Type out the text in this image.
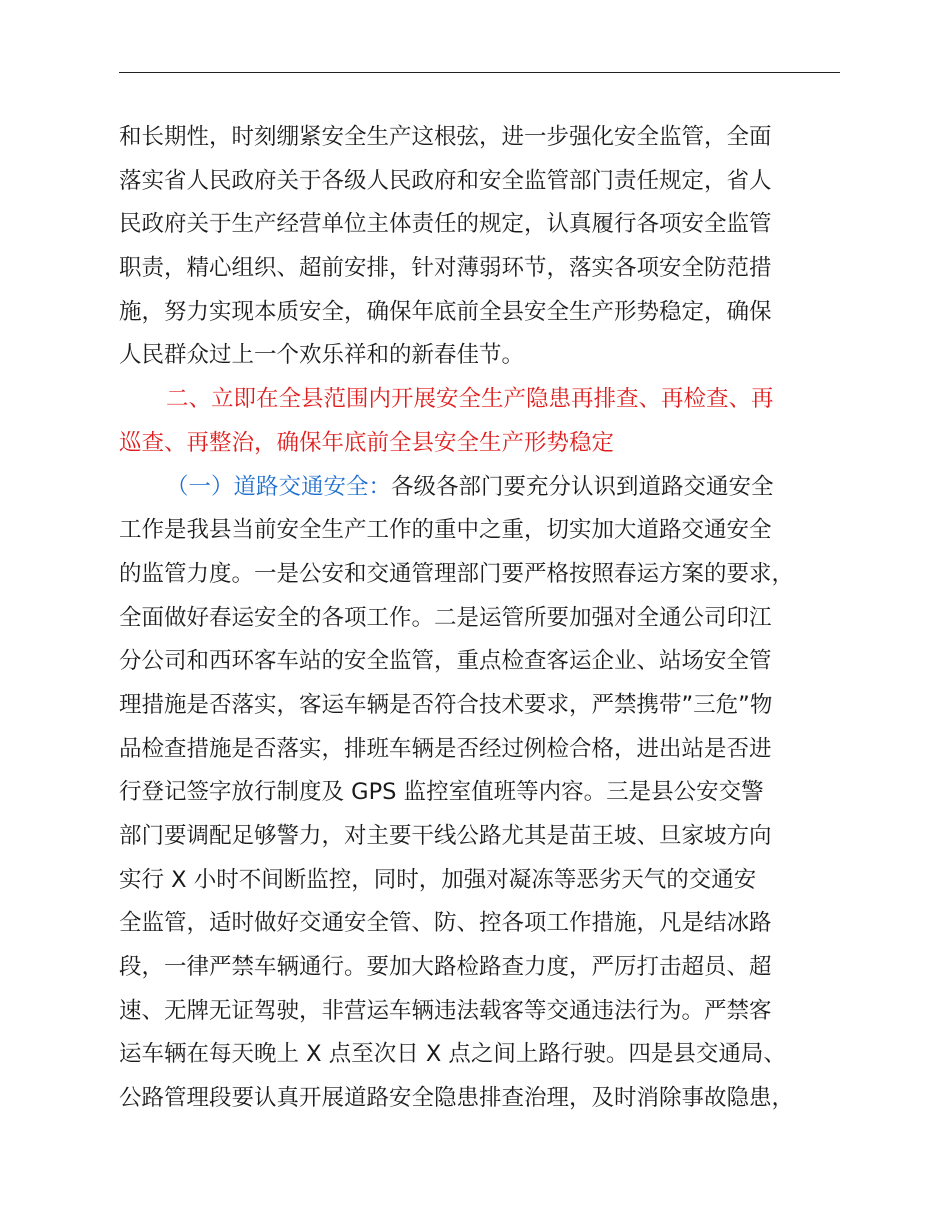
和长期性，时刻绷紧安全生产这根弦，进一步强化安全监管，全面
落实省人民政府关于各级人民政府和安全监管部门责任规定，省人
民政府关于生产经营单位主体责任的规定，认真履行各项安全监管
职责，精心组织、超前安排，针对薄弱环节，落实各项安全防范措
施，努力实现本质安全，确保年底前全县安全生产形势稳定，确保
人民群众过上一个欢乐祥和的新春佳节。
二、立即在全县范围内开展安全生产隐患再排查、再检查、再
巡查、再整治，确保年底前全县安全生产形势稳定
（一）道路交通安全：各级各部门要充分认识到道路交通安全
工作是我县当前安全生产工作的重中之重，切实加大道路交通安全
的监管力度。一是公安和交通管理部门要严格按照春运方案的要求，
全面做好春运安全的各项工作。二是运管所要加强对全通公司印江
分公司和西环客车站的安全监管，重点检查客运企业、站场安全管
理措施是否落实，客运车辆是否符合技术要求，严禁携带”三危”物
品检查措施是否落实，排班车辆是否经过例检合格，进出站是否进
行登记签字放行制度及 GPS 监控室值班等内容。三是县公安交警
部门要调配足够警力，对主要干线公路尤其是苗王坡、旦家坡方向
实行 X 小时不间断监控，同时，加强对凝冻等恶劣天气的交通安
全监管，适时做好交通安全管、防、控各项工作措施，凡是结冰路
段，一律严禁车辆通行。要加大路检路查力度，严厉打击超员、超
速、无牌无证驾驶，非营运车辆违法载客等交通违法行为。严禁客
运车辆在每天晚上 X 点至次日 X 点之间上路行驶。四是县交通局、
公路管理段要认真开展道路安全隐患排查治理，及时消除事故隐患，
